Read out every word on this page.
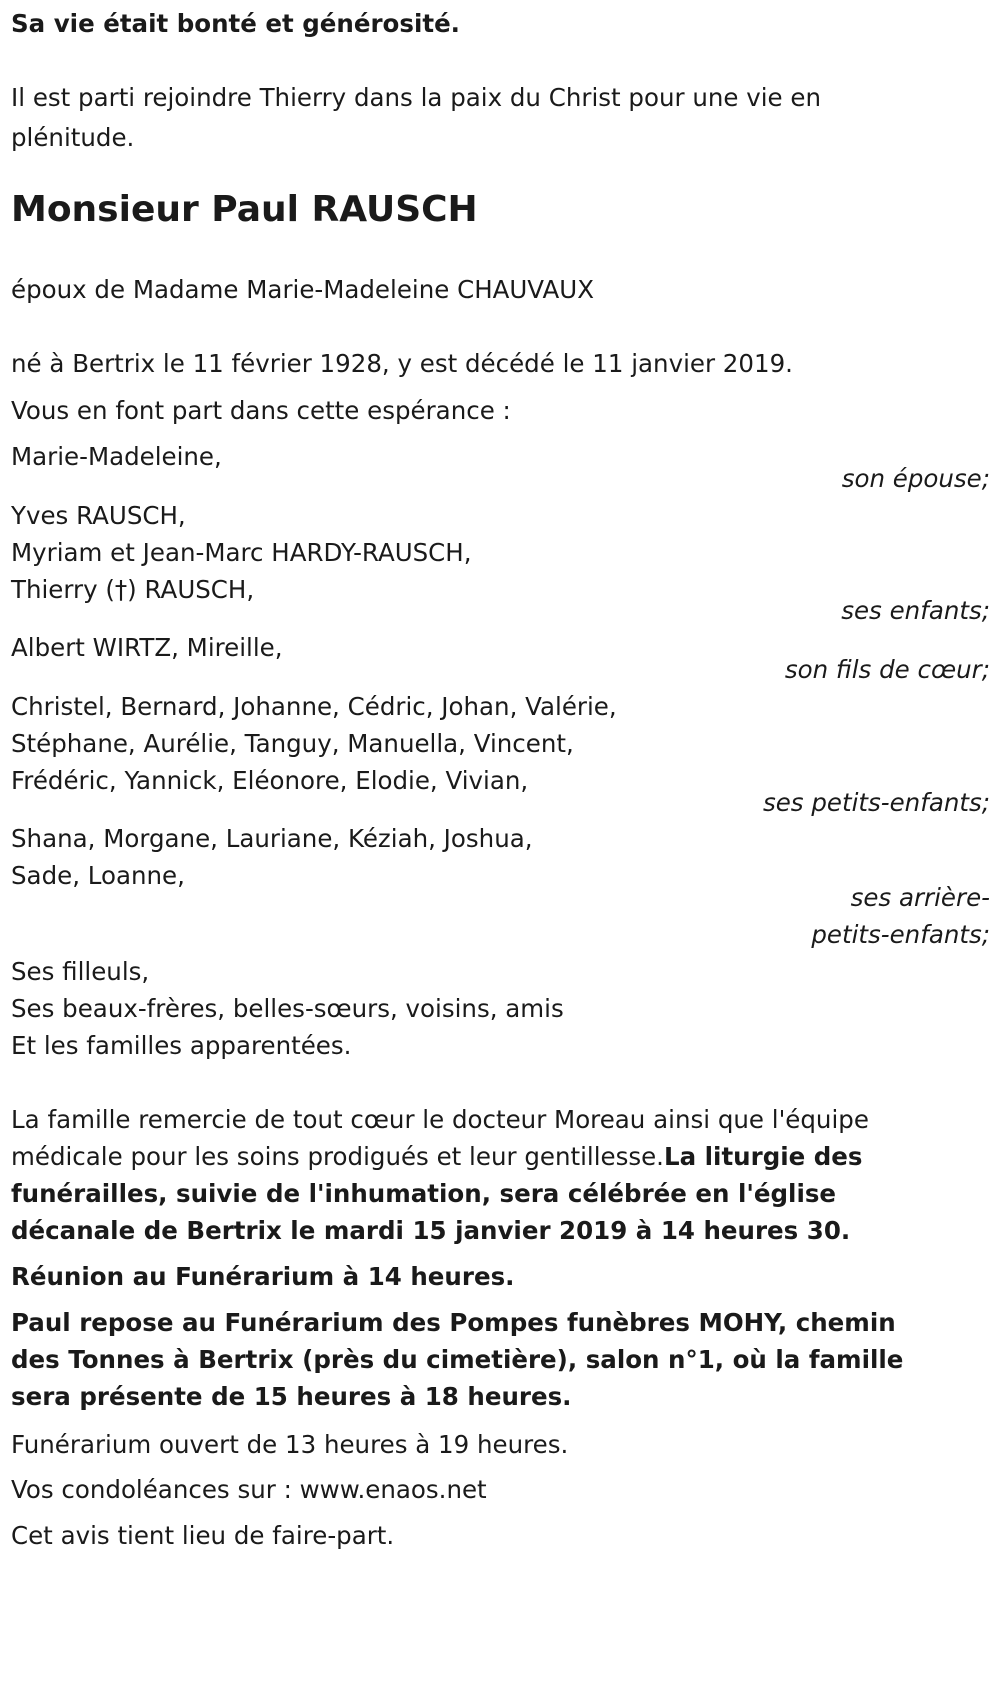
Sa vie était bonté et générosité.

Il est parti rejoindre Thierry dans la paix du Christ pour une vie en plénitude.

Monsieur Paul RAUSCH

époux de Madame Marie-Madeleine CHAUVAUX

né à Bertrix le 11 février 1928, y est décédé le 11 janvier 2019.

Vous en font part dans cette espérance :

Marie-Madeleine,

son épouse;

Yves RAUSCH,

Myriam et Jean-Marc HARDY-RAUSCH,

Thierry (†) RAUSCH,

ses enfants;

Albert WIRTZ, Mireille,

son fils de cœur;

Christel, Bernard, Johanne, Cédric, Johan, Valérie,

Stéphane, Aurélie, Tanguy, Manuella, Vincent,

Frédéric, Yannick, Eléonore, Elodie, Vivian,

ses petits-enfants;

Shana, Morgane, Lauriane, Kéziah, Joshua,

Sade, Loanne,

ses arrière-petits-enfants;

Ses filleuls,

Ses beaux-frères, belles-sœurs, voisins, amis

Et les familles apparentées.

La famille remercie de tout cœur le docteur Moreau ainsi que l'équipe médicale pour les soins prodigués et leur gentillesse.La liturgie des funérailles, suivie de l'inhumation, sera célébrée en l'église décanale de Bertrix le mardi 15 janvier 2019 à 14 heures 30.

Réunion au Funérarium à 14 heures.

Paul repose au Funérarium des Pompes funèbres MOHY, chemin des Tonnes à Bertrix (près du cimetière), salon n°1, où la famille sera présente de 15 heures à 18 heures.

Funérarium ouvert de 13 heures à 19 heures.

Vos condoléances sur : www.enaos.net

Cet avis tient lieu de faire-part.
